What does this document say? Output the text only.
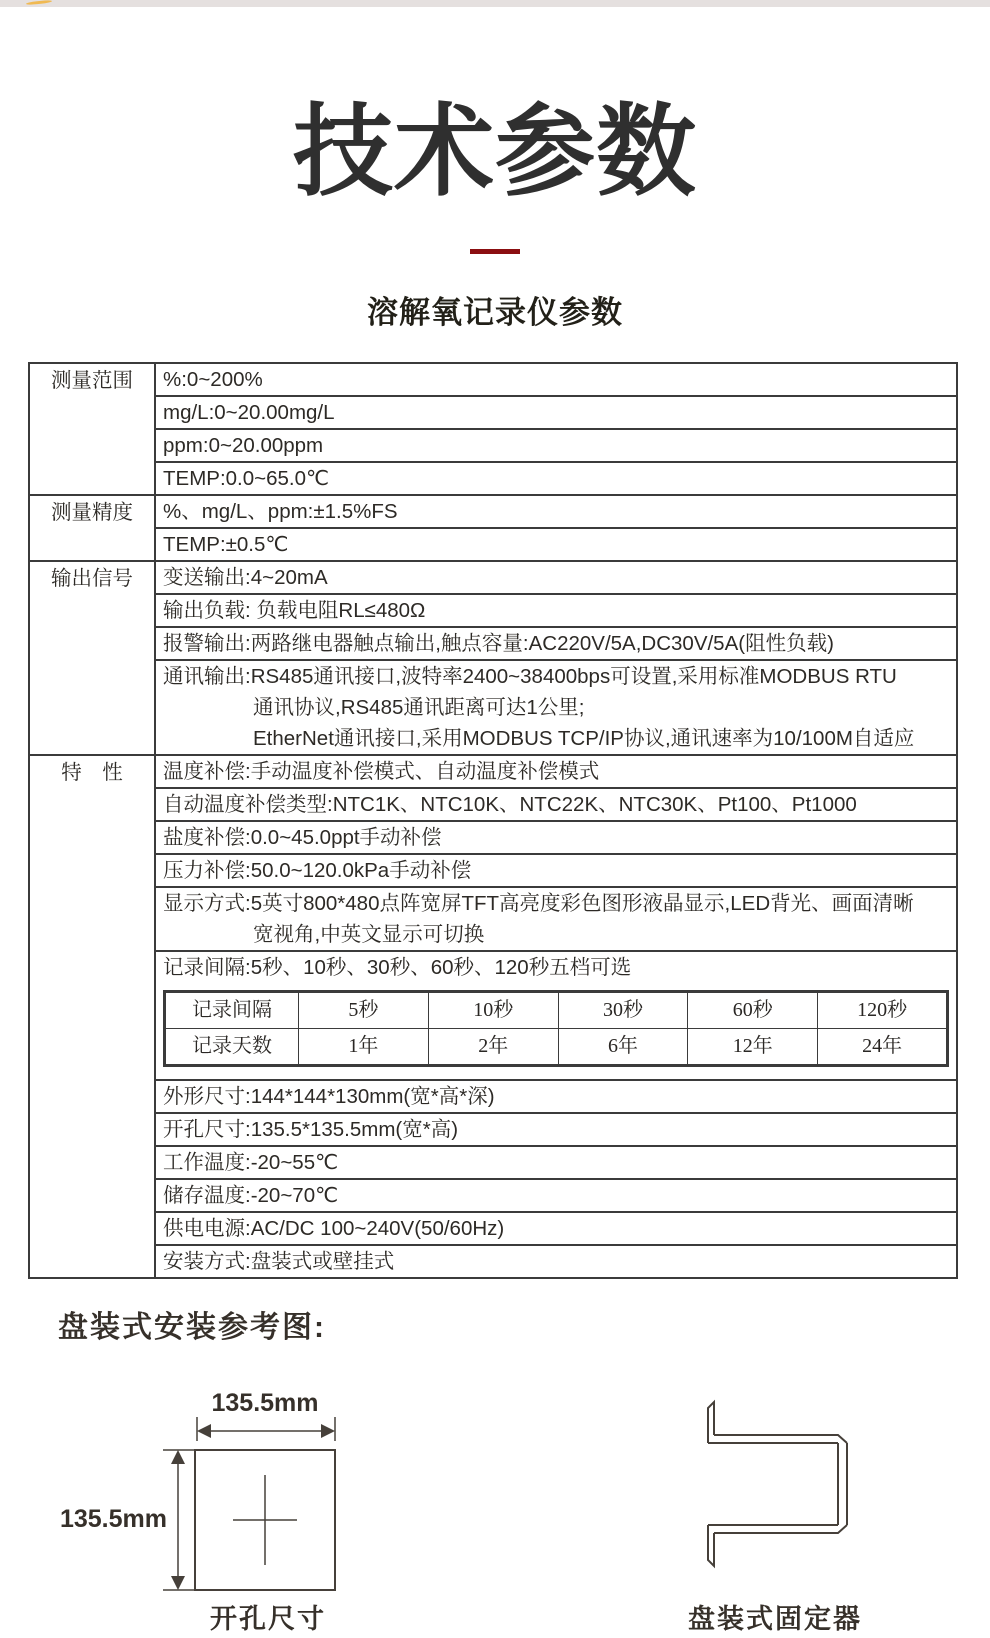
技术参数
溶解氧记录仪参数
测量范围	%:0~200%
mg/L:0~20.00mg/L
ppm:0~20.00ppm
TEMP:0.0~65.0℃
测量精度	%、mg/L、ppm:±1.5%FS
TEMP:±0.5℃
输出信号	变送输出:4~20mA
输出负载: 负载电阻RL≤480Ω
报警输出:两路继电器触点输出,触点容量:AC220V/5A,DC30V/5A(阻性负载)

通讯输出:RS485通讯接口,波特率2400~38400bps可设置,采用标准MODBUS RTU
通讯协议,RS485通讯距离可达1公里;
EtherNet通讯接口,采用MODBUS TCP/IP协议,通讯速率为10/100M自适应

特　性	温度补偿:手动温度补偿模式、自动温度补偿模式
自动温度补偿类型:NTC1K、NTC10K、NTC22K、NTC30K、Pt100、Pt1000
盐度补偿:0.0~45.0ppt手动补偿
压力补偿:50.0~120.0kPa手动补偿

显示方式:5英寸800*480点阵宽屏TFT高亮度彩色图形液晶显示,LED背光、画面清晰
宽视角,中英文显示可切换

记录间隔:5秒、10秒、30秒、60秒、120秒五档可选
记录间隔	5秒	10秒	30秒	60秒	120秒
记录天数	1年	2年	6年	12年	24年

外形尺寸:144*144*130mm(宽*高*深)
开孔尺寸:135.5*135.5mm(宽*高)
工作温度:-20~55℃
储存温度:-20~70℃
供电电源:AC/DC 100~240V(50/60Hz)
安装方式:盘装式或壁挂式
盘装式安装参考图:
135.5mm
135.5mm
开孔尺寸	盘装式固定器
